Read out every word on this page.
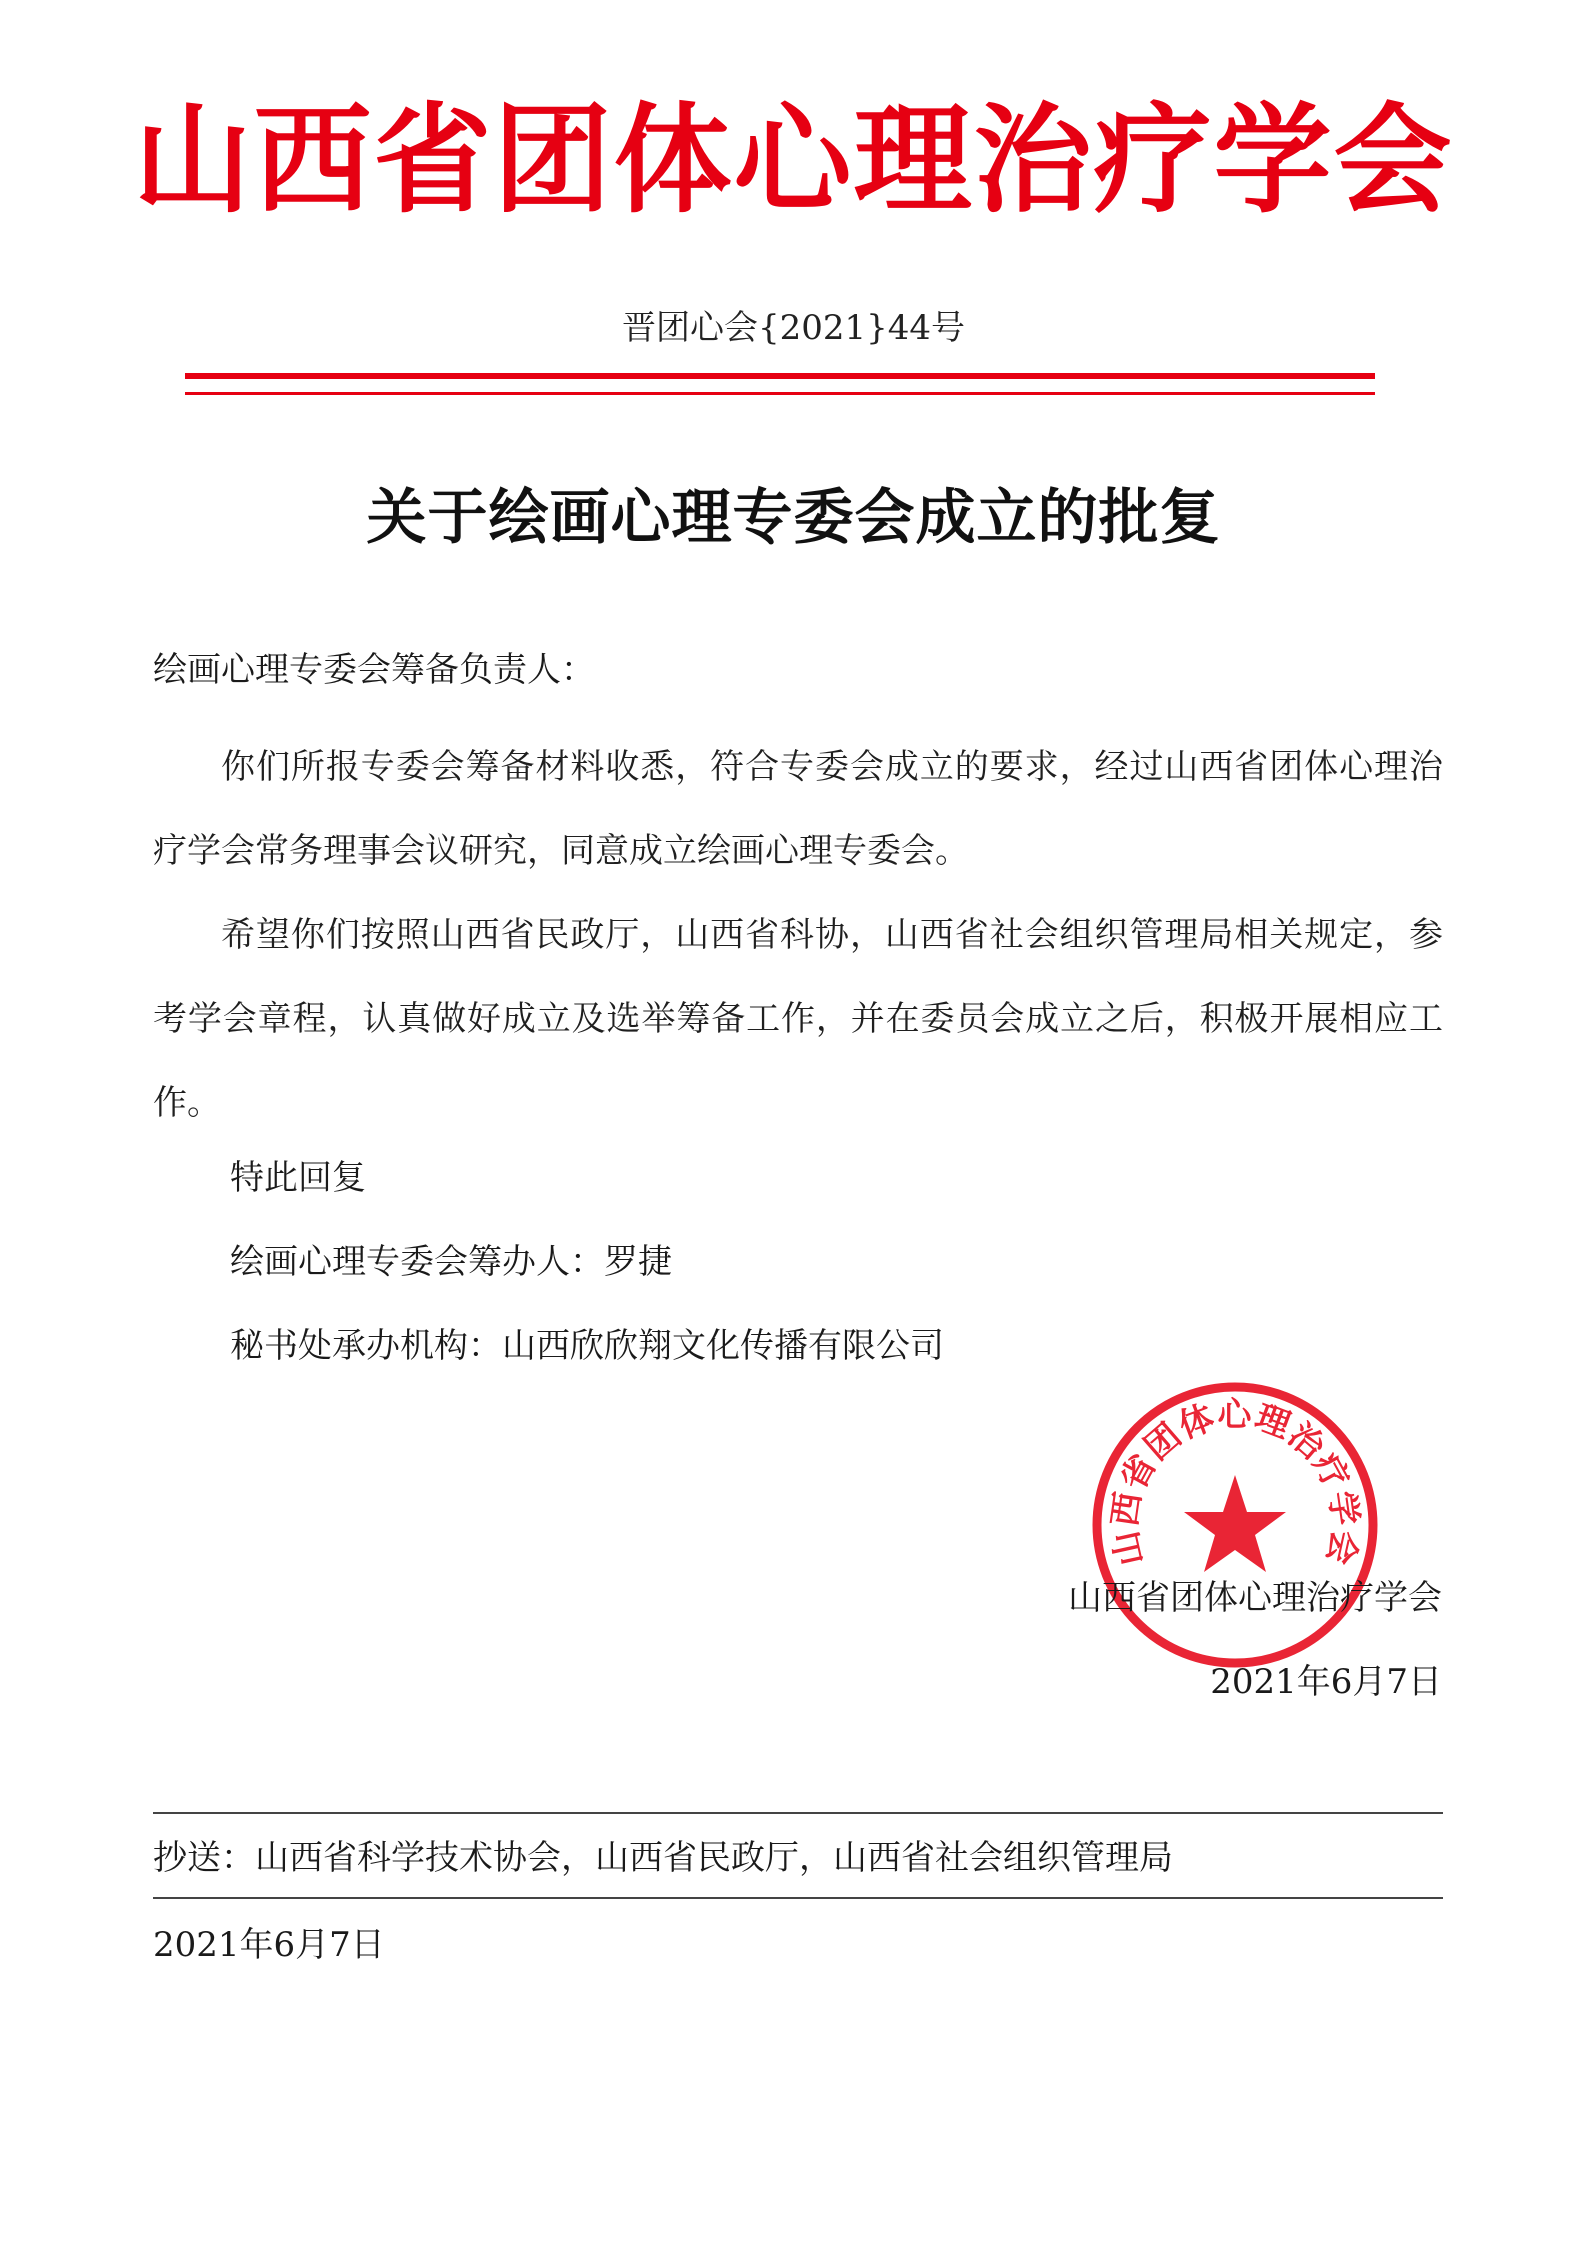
山西省团体心理治疗学会
晋团心会{2021}44号
关于绘画心理专委会成立的批复
绘画心理专委会筹备负责人：

你们所报专委会筹备材料收悉，符合专委会成立的要求，经过山西省团体心理治疗学会常务理事会议研究，同意成立绘画心理专委会。

希望你们按照山西省民政厅，山西省科协，山西省社会组织管理局相关规定，参考学会章程，认真做好成立及选举筹备工作，并在委员会成立之后，积极开展相应工作。

特此回复
绘画心理专委会筹办人：罗捷
秘书处承办机构：山西欣欣翔文化传播有限公司
山西省团体心理治疗学会
山西省团体心理治疗学会
2021年6月7日
抄送：山西省科学技术协会，山西省民政厅，山西省社会组织管理局
2021年6月7日
